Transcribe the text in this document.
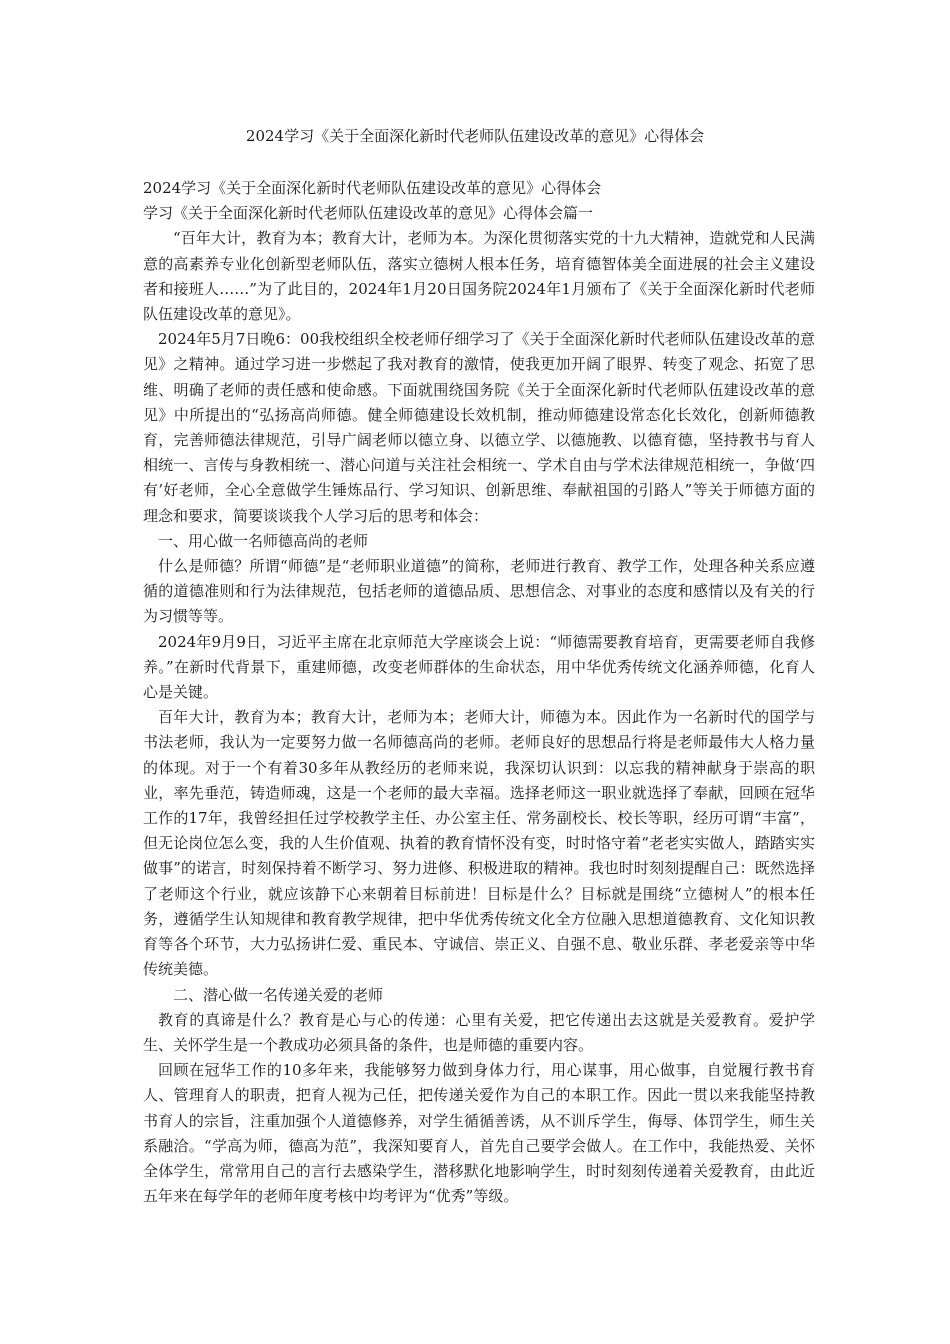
2024学习《关于全面深化新时代老师队伍建设改革的意见》心得体会

2024学习《关于全面深化新时代老师队伍建设改革的意见》心得体会

学习《关于全面深化新时代老师队伍建设改革的意见》心得体会篇一

“百年大计，教育为本；教育大计，老师为本。为深化贯彻落实党的十九大精神，造就党和人民满意的高素养专业化创新型老师队伍，落实立德树人根本任务，培育德智体美全面进展的社会主义建设者和接班人……”为了此目的，2024年1月20日国务院2024年1月颁布了《关于全面深化新时代老师队伍建设改革的意见》。

2024年5月7日晚6：00我校组织全校老师仔细学习了《关于全面深化新时代老师队伍建设改革的意见》之精神。通过学习进一步燃起了我对教育的激情，使我更加开阔了眼界、转变了观念、拓宽了思维、明确了老师的责任感和使命感。下面就围绕国务院《关于全面深化新时代老师队伍建设改革的意见》中所提出的“弘扬高尚师德。健全师德建设长效机制，推动师德建设常态化长效化，创新师德教育，完善师德法律规范，引导广阔老师以德立身、以德立学、以德施教、以德育德，坚持教书与育人相统一、言传与身教相统一、潜心问道与关注社会相统一、学术自由与学术法律规范相统一，争做‘四有’好老师，全心全意做学生锤炼品行、学习知识、创新思维、奉献祖国的引路人”等关于师德方面的理念和要求，简要谈谈我个人学习后的思考和体会：

一、用心做一名师德高尚的老师

什么是师德？所谓“师德”是“老师职业道德”的简称，老师进行教育、教学工作，处理各种关系应遵循的道德准则和行为法律规范，包括老师的道德品质、思想信念、对事业的态度和感情以及有关的行为习惯等等。

2024年9月9日，习近平主席在北京师范大学座谈会上说：“师德需要教育培育，更需要老师自我修养。”在新时代背景下，重建师德，改变老师群体的生命状态，用中华优秀传统文化涵养师德，化育人心是关键。

百年大计，教育为本；教育大计，老师为本；老师大计，师德为本。因此作为一名新时代的国学与书法老师，我认为一定要努力做一名师德高尚的老师。老师良好的思想品行将是老师最伟大人格力量的体现。对于一个有着30多年从教经历的老师来说，我深切认识到：以忘我的精神献身于崇高的职业，率先垂范，铸造师魂，这是一个老师的最大幸福。选择老师这一职业就选择了奉献，回顾在冠华工作的17年，我曾经担任过学校教学主任、办公室主任、常务副校长、校长等职，经历可谓“丰富”，但无论岗位怎么变，我的人生价值观、执着的教育情怀没有变，时时恪守着“老老实实做人，踏踏实实做事”的诺言，时刻保持着不断学习、努力进修、积极进取的精神。我也时时刻刻提醒自己：既然选择了老师这个行业，就应该静下心来朝着目标前进！目标是什么？目标就是围绕“立德树人”的根本任务，遵循学生认知规律和教育教学规律，把中华优秀传统文化全方位融入思想道德教育、文化知识教育等各个环节，大力弘扬讲仁爱、重民本、守诚信、崇正义、自强不息、敬业乐群、孝老爱亲等中华传统美德。

二、潜心做一名传递关爱的老师

教育的真谛是什么？教育是心与心的传递：心里有关爱，把它传递出去这就是关爱教育。爱护学生、关怀学生是一个教成功必须具备的条件，也是师德的重要内容。

回顾在冠华工作的10多年来，我能够努力做到身体力行，用心谋事，用心做事，自觉履行教书育人、管理育人的职责，把育人视为己任，把传递关爱作为自己的本职工作。因此一贯以来我能坚持教书育人的宗旨，注重加强个人道德修养，对学生循循善诱，从不训斥学生，侮辱、体罚学生，师生关系融洽。“学高为师，德高为范”，我深知要育人，首先自己要学会做人。在工作中，我能热爱、关怀全体学生，常常用自己的言行去感染学生，潜移默化地影响学生，时时刻刻传递着关爱教育，由此近五年来在每学年的老师年度考核中均考评为“优秀”等级。
